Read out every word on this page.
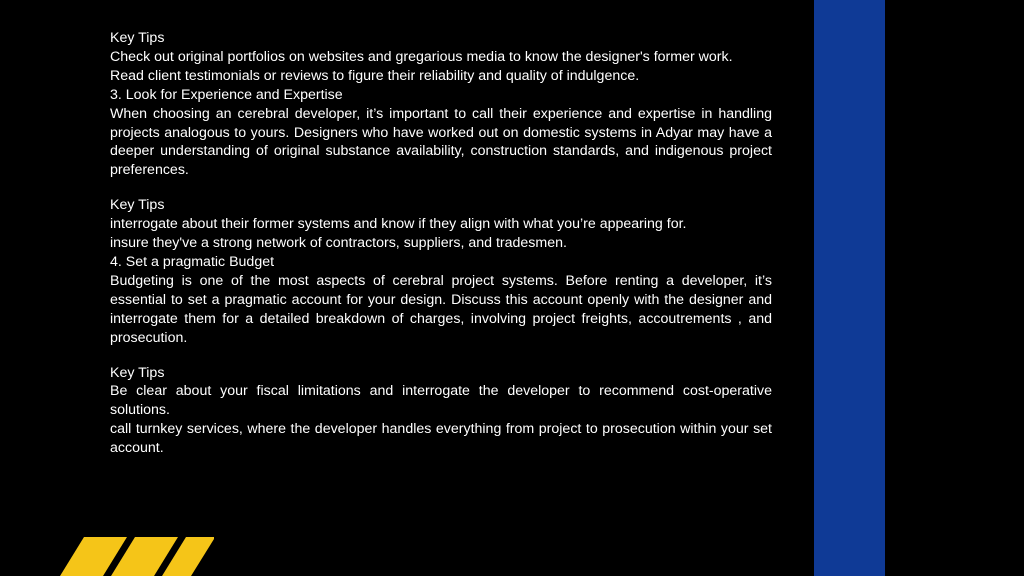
Key Tips

Check out original portfolios on websites and gregarious media to know the designer's former work.

Read client testimonials or reviews to figure their reliability and quality of indulgence.

3. Look for Experience and Expertise

When choosing an cerebral developer, it’s important to call their experience and expertise in handling projects analogous to yours. Designers who have worked out on domestic systems in Adyar may have a deeper understanding of original substance availability, construction standards, and indigenous project preferences.

Key Tips

interrogate about their former systems and know if they align with what you’re appearing for.

insure they've a strong network of contractors, suppliers, and tradesmen.

4. Set a pragmatic Budget

Budgeting is one of the most aspects of cerebral project systems. Before renting a developer, it’s essential to set a pragmatic account for your design. Discuss this account openly with the designer and interrogate them for a detailed breakdown of charges, involving project freights, accoutrements , and prosecution.

Key Tips

Be clear about your fiscal limitations and interrogate the developer to recommend cost-operative solutions.

call turnkey services, where the developer handles everything from project to prosecution within your set account.
